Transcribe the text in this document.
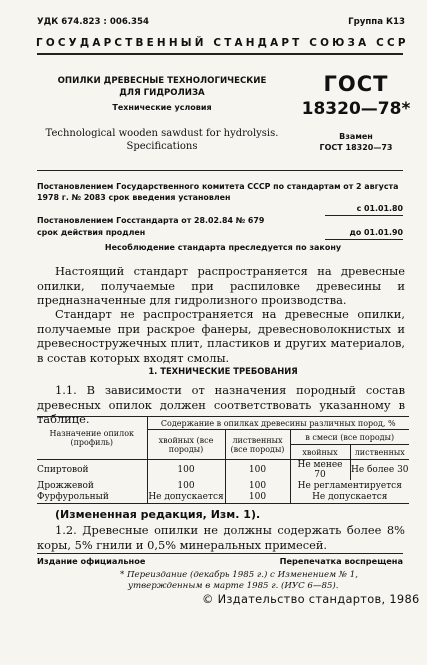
УДК 674.823 : 006.354	Группа К13
ГОСУДАРСТВЕННЫЙ СТАНДАРТ СОЮЗА ССР
ОПИЛКИ ДРЕВЕСНЫЕ ТЕХНОЛОГИЧЕСКИЕ
ДЛЯ ГИДРОЛИЗА
Технические условия
Technological wooden sawdust for hydrolysis.
Specifications
ГОСТ
18320—78*
Взамен
ГОСТ 18320—73
Постановлением Государственного комитета СССР по стандартам от 2 августа
1978 г. № 2083 срок введения установлен
с 01.01.80
Постановлением Госстандарта от 28.02.84 № 679
срок действия продлен	до 01.01.90
Несоблюдение стандарта преследуется по закону
Настоящий стандарт распространяется на древесные опилки, получаемые при распиловке древесины и предназначенные для гидролизного производства.
Стандарт не распространяется на древесные опилки, получаемые при раскрое фанеры, древесноволокнистых и древесностружечных плит, пластиков и других материалов, в состав которых входят смолы.
1. ТЕХНИЧЕСКИЕ ТРЕБОВАНИЯ
1.1. В зависимости от назначения породный состав древесных опилок должен соответствовать указанному в таблице.
Назначение опилок (профиль)	Содержание в опилках древесины различных пород, %			
	хвойных (все породы)	лиственных (все породы)	в смеси (все породы)	
			хвойных	лиственных
Спиртовой	100	100	Не менее 70	Не более 30
Дрожжевой	100	100	Не регламентируется	
Фурфурольный	Не допускается	100	Не допускается	
(Измененная редакция, Изм. 1).
1.2. Древесные опилки не должны содержать более 8% коры, 5% гнили и 0,5% минеральных примесей.
Издание официальное	Перепечатка воспрещена
* Переиздание (декабрь 1985 г.) с Изменением № 1,
утвержденным в марте 1985 г. (ИУС 6—85).
© Издательство стандартов, 1986
